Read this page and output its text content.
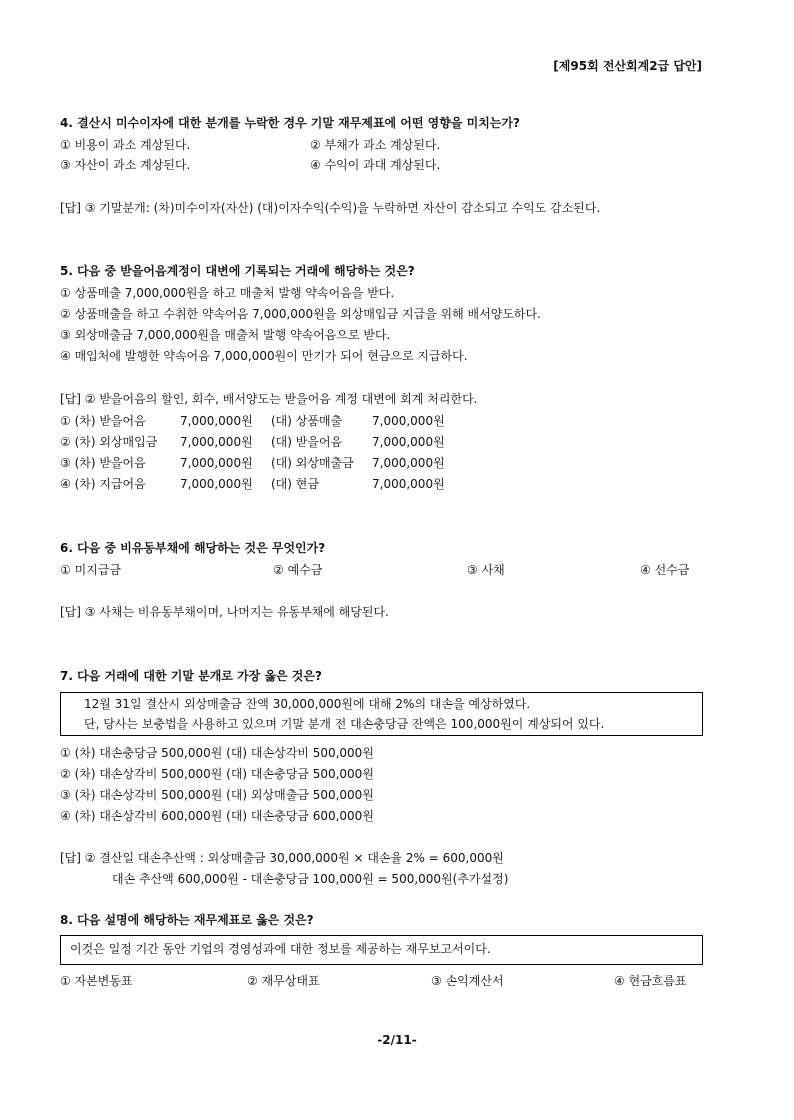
[제95회 전산회계2급 답안]
4. 결산시 미수이자에 대한 분개를 누락한 경우 기말 재무제표에 어떤 영향을 미치는가?
① 비용이 과소 계상된다.	② 부채가 과소 계상된다.
③ 자산이 과소 계상된다.	④ 수익이 과대 계상된다.
[답] ③ 기말분개: (차)미수이자(자산) (대)이자수익(수익)을 누락하면 자산이 감소되고 수익도 감소된다.
5. 다음 중 받을어음계정이 대변에 기록되는 거래에 해당하는 것은?
① 상품매출 7,000,000원을 하고 매출처 발행 약속어음을 받다.
② 상품매출을 하고 수취한 약속어음 7,000,000원을 외상매입금 지급을 위해 배서양도하다.
③ 외상매출금 7,000,000원을 매출처 발행 약속어음으로 받다.
④ 매입처에 발행한 약속어음 7,000,000원이 만기가 되어 현금으로 지급하다.
[답] ② 받을어음의 할인, 회수, 배서양도는 받을어음 계정 대변에 회계 처리한다.
① (차) 받을어음	7,000,000원 (대) 상품매출 7,000,000원
② (차) 외상매입금 7,000,000원 (대) 받을어음 7,000,000원
③ (차) 받을어음	7,000,000원 (대) 외상매출금 7,000,000원
④ (차) 지급어음	7,000,000원 (대) 현금	7,000,000원
6. 다음 중 비유동부채에 해당하는 것은 무엇인가?
① 미지급금	② 예수금	③ 사채	④ 선수금
[답] ③ 사채는 비유동부채이며, 나머지는 유동부채에 해당된다.
7. 다음 거래에 대한 기말 분개로 가장 옳은 것은?
12월 31일 결산시 외상매출금 잔액 30,000,000원에 대해 2%의 대손을 예상하였다.
단, 당사는 보충법을 사용하고 있으며 기말 분개 전 대손충당금 잔액은 100,000원이 계상되어 있다.
① (차) 대손충당금 500,000원 (대) 대손상각비 500,000원
② (차) 대손상각비 500,000원 (대) 대손충당금 500,000원
③ (차) 대손상각비 500,000원 (대) 외상매출금 500,000원
④ (차) 대손상각비 600,000원 (대) 대손충당금 600,000원
[답] ② 결산일 대손추산액 : 외상매출금 30,000,000원 × 대손율 2% = 600,000원
대손 추산액 600,000원 - 대손충당금 100,000원 = 500,000원(추가설정)
8. 다음 설명에 해당하는 재무제표로 옳은 것은?
이것은 일정 기간 동안 기업의 경영성과에 대한 정보를 제공하는 재무보고서이다.
① 자본변동표	② 재무상태표	③ 손익계산서	④ 현금흐름표
-2/11-
